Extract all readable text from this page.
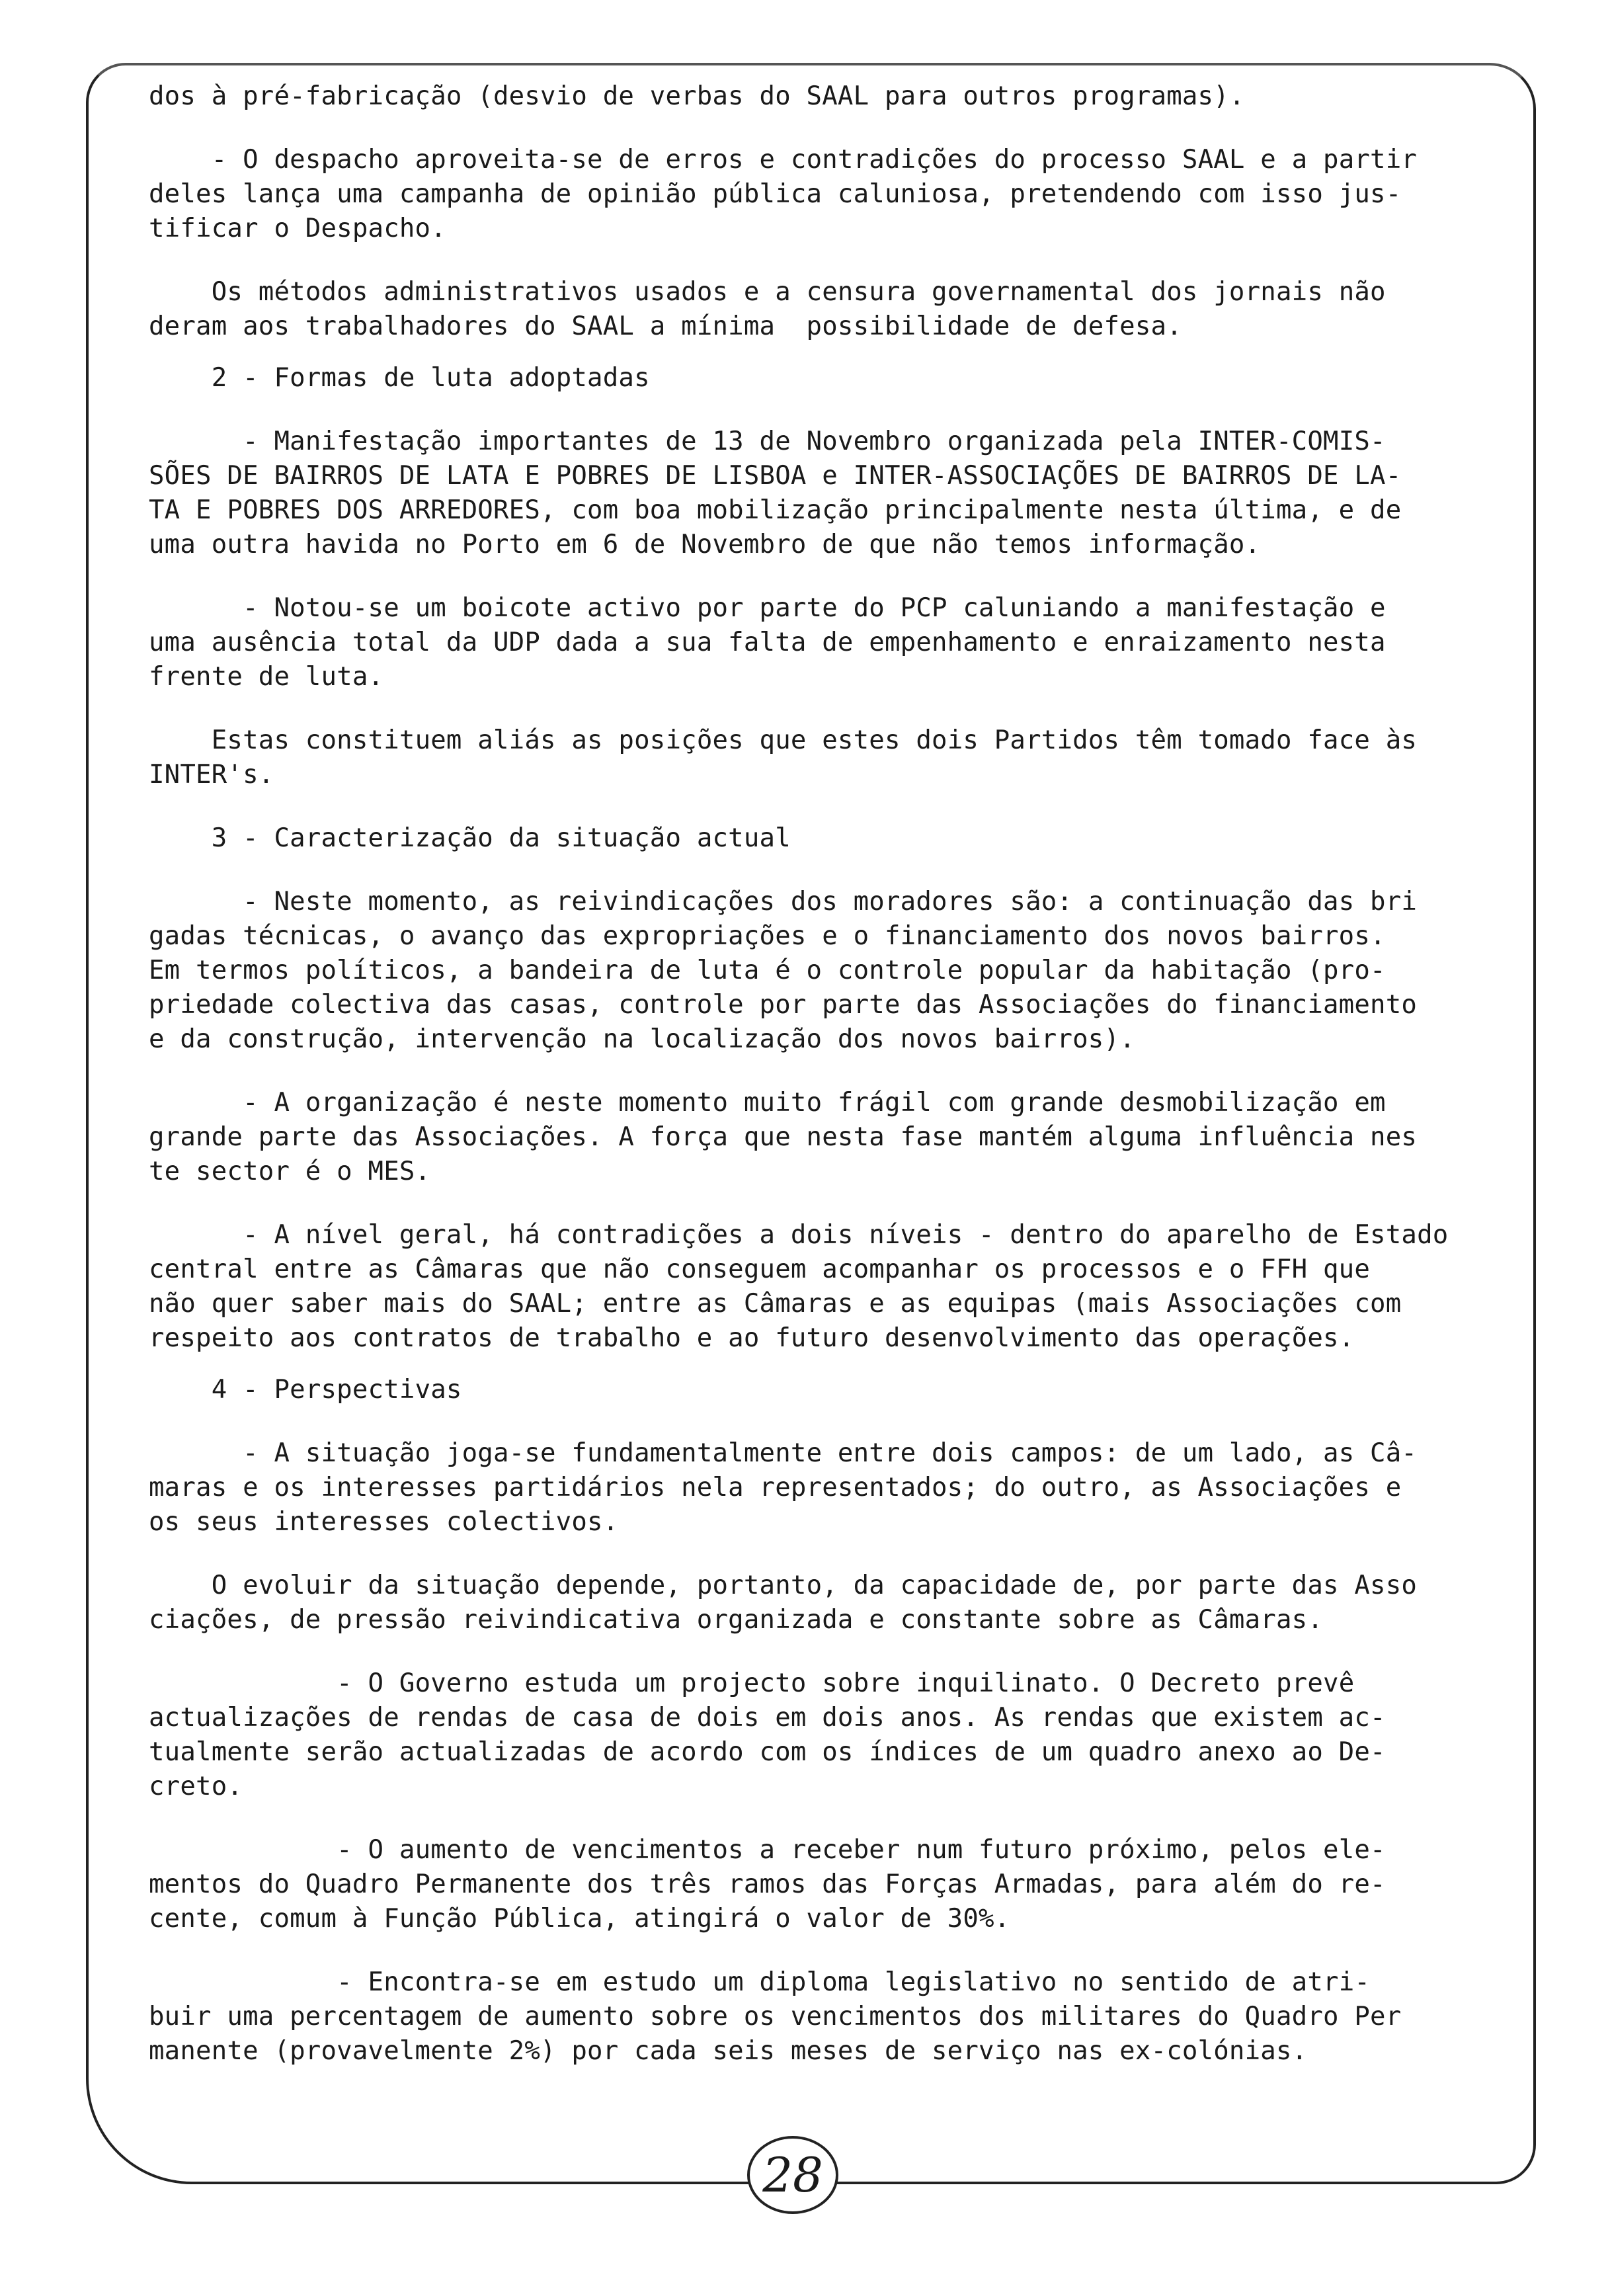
dos à pré-fabricação (desvio de verbas do SAAL para outros programas).

- O despacho aproveita-se de erros e contradições do processo SAAL e a partir
deles lança uma campanha de opinião pública caluniosa, pretendendo com isso jus-
tificar o Despacho.

Os métodos administrativos usados e a censura governamental dos jornais não
deram aos trabalhadores do SAAL a mínima  possibilidade de defesa.

2 - Formas de luta adoptadas

- Manifestação importantes de 13 de Novembro organizada pela INTER-COMIS-
SÕES DE BAIRROS DE LATA E POBRES DE LISBOA e INTER-ASSOCIAÇÕES DE BAIRROS DE LA-
TA E POBRES DOS ARREDORES, com boa mobilização principalmente nesta última, e de
uma outra havida no Porto em 6 de Novembro de que não temos informação.

- Notou-se um boicote activo por parte do PCP caluniando a manifestação e
uma ausência total da UDP dada a sua falta de empenhamento e enraizamento nesta
frente de luta.

Estas constituem aliás as posições que estes dois Partidos têm tomado face às
INTER's.

3 - Caracterização da situação actual

- Neste momento, as reivindicações dos moradores são: a continuação das bri
gadas técnicas, o avanço das expropriações e o financiamento dos novos bairros.
Em termos políticos, a bandeira de luta é o controle popular da habitação (pro-
priedade colectiva das casas, controle por parte das Associações do financiamento
e da construção, intervenção na localização dos novos bairros).

- A organização é neste momento muito frágil com grande desmobilização em
grande parte das Associações. A força que nesta fase mantém alguma influência nes
te sector é o MES.

- A nível geral, há contradições a dois níveis - dentro do aparelho de Estado
central entre as Câmaras que não conseguem acompanhar os processos e o FFH que
não quer saber mais do SAAL; entre as Câmaras e as equipas (mais Associações com
respeito aos contratos de trabalho e ao futuro desenvolvimento das operações.

4 - Perspectivas

- A situação joga-se fundamentalmente entre dois campos: de um lado, as Câ-
maras e os interesses partidários nela representados; do outro, as Associações e
os seus interesses colectivos.

O evoluir da situação depende, portanto, da capacidade de, por parte das Asso
ciações, de pressão reivindicativa organizada e constante sobre as Câmaras.

- O Governo estuda um projecto sobre inquilinato. O Decreto prevê
actualizações de rendas de casa de dois em dois anos. As rendas que existem ac-
tualmente serão actualizadas de acordo com os índices de um quadro anexo ao De-
creto.

- O aumento de vencimentos a receber num futuro próximo, pelos ele-
mentos do Quadro Permanente dos três ramos das Forças Armadas, para além do re-
cente, comum à Função Pública, atingirá o valor de 30%.

- Encontra-se em estudo um diploma legislativo no sentido de atri-
buir uma percentagem de aumento sobre os vencimentos dos militares do Quadro Per
manente (provavelmente 2%) por cada seis meses de serviço nas ex-colónias.

28
